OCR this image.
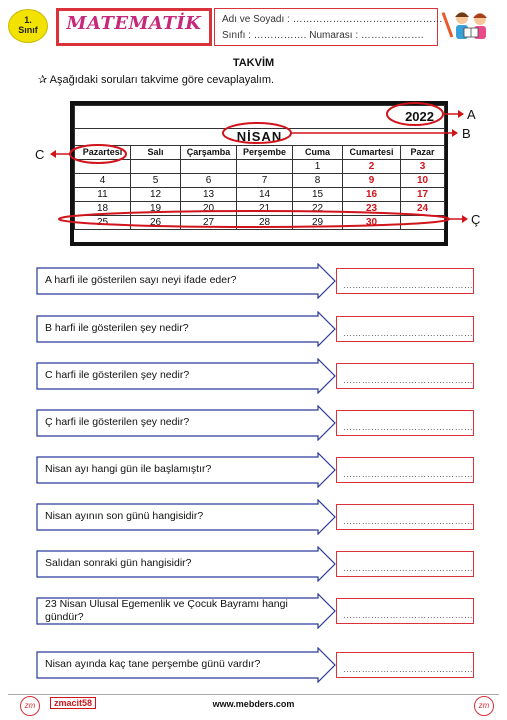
1.
Sınıf	MATEMATİK	Adı ve Soyadı : ………………………………………
Sınıfı : ……………. Numarası : ……………….
TAKVİM
✰ Aşağıdaki soruları takvime göre cevaplayalım.
2022						
NİSAN						
Pazartesi	Salı	Çarşamba	Perşembe	Cuma	Cumartesi	Pazar
				1	2	3
4	5	6	7	8	9	10
11	12	13	14	15	16	17
18	19	20	21	22	23	24
25	26	27	28	29	30	
A
B
C
Ç
A harfi ile gösterilen sayı neyi ifade eder?	……………………………………
B harfi ile gösterilen şey nedir?	……………………………………
C harfi ile gösterilen şey nedir?	……………………………………
Ç harfi ile gösterilen şey nedir?	……………………………………
Nisan ayı hangi gün ile başlamıştır?	……………………………………
Nisan ayının son günü hangisidir?	……………………………………
Salıdan sonraki gün hangisidir?	……………………………………
23 Nisan Ulusal Egemenlik ve Çocuk Bayramı hangi gündür?	……………………………………
Nisan ayında kaç tane perşembe günü vardır?	……………………………………
zm	zmacit58	www.mebders.com	zm
